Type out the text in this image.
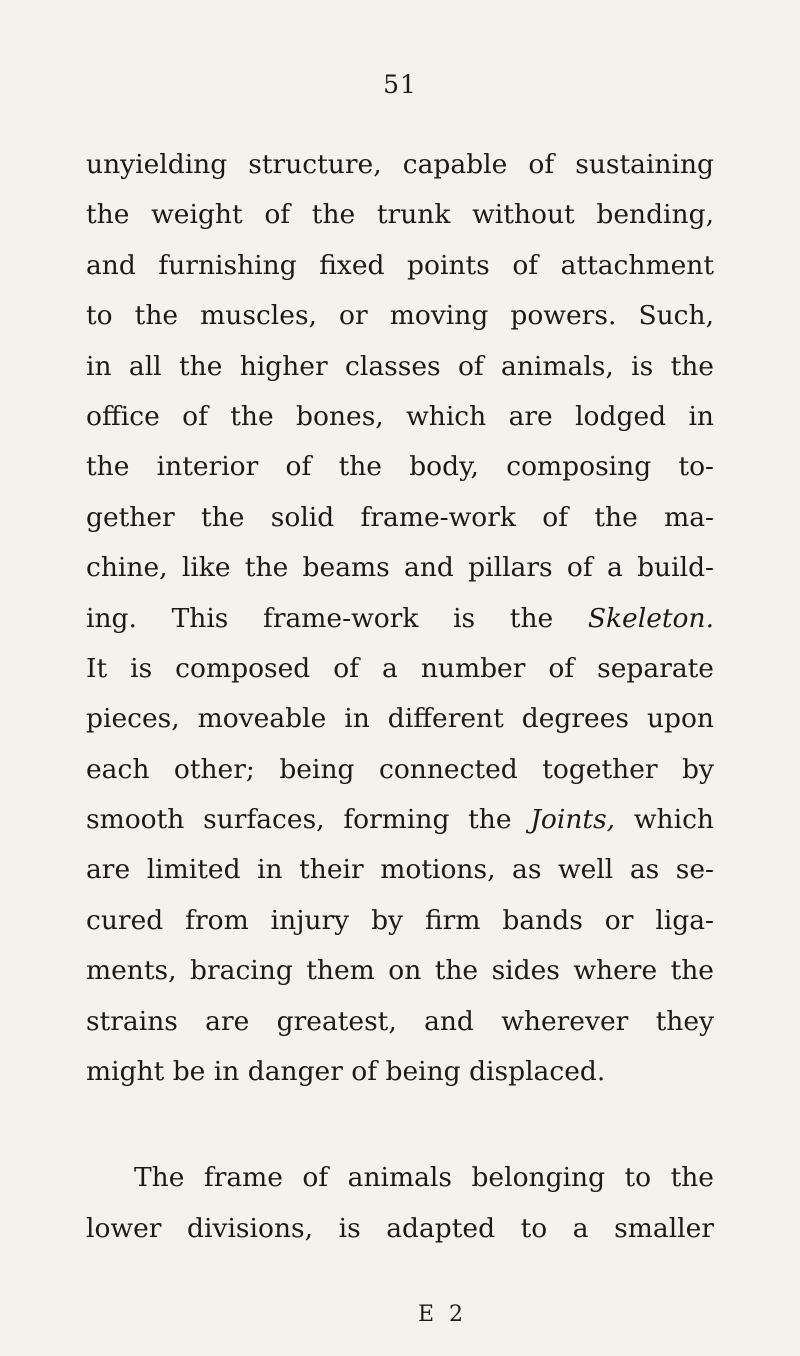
51
unyielding structure, capable of sustaining
the weight of the trunk without bending,
and furnishing fixed points of attachment
to the muscles, or moving powers. Such,
in all the higher classes of animals, is the
office of the bones, which are lodged in
the interior of the body, composing to-
gether the solid frame-work of the ma-
chine, like the beams and pillars of a build-
ing. This frame-work is the Skeleton.
It is composed of a number of separate
pieces, moveable in different degrees upon
each other; being connected together by
smooth surfaces, forming the Joints, which
are limited in their motions, as well as se-
cured from injury by firm bands or liga-
ments, bracing them on the sides where the
strains are greatest, and wherever they
might be in danger of being displaced.
The frame of animals belonging to the
lower divisions, is adapted to a smaller
E 2
